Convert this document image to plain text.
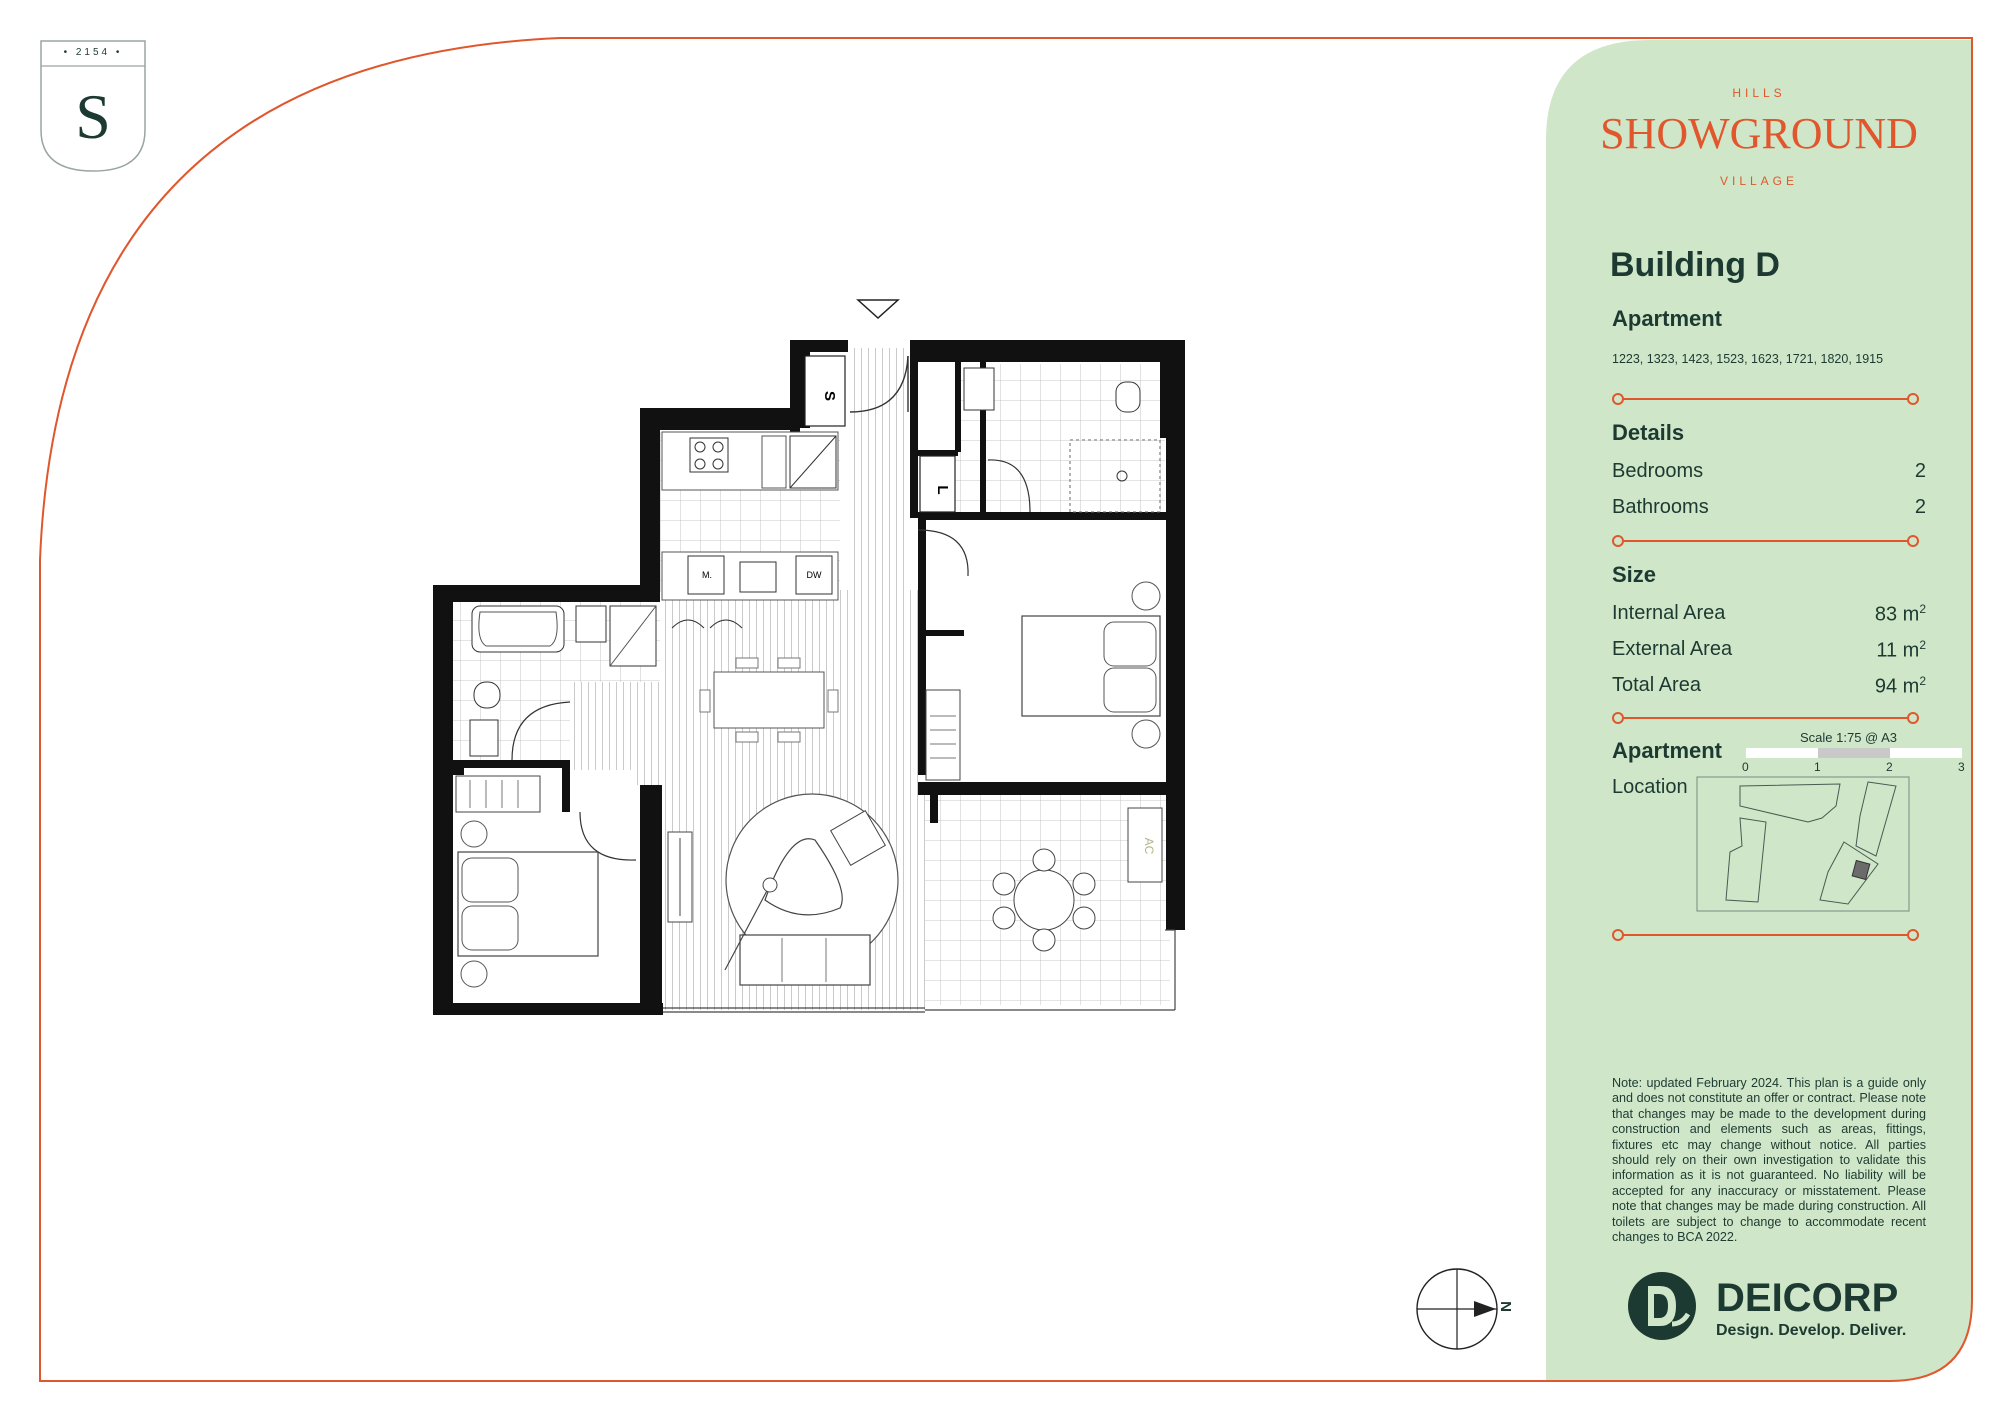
• 2154 •
S
S
L
M.	DW
AC
N
HILLS
SHOWGROUND
VILLAGE
Building D
Apartment
1223, 1323, 1423, 1523, 1623, 1721, 1820, 1915
Details
Bedrooms	2
Bathrooms	2
Size
Internal Area	83 $m^2$
External Area	11 $m^2$
Total Area	94 $m^2$
Apartment
Location
Scale 1:75 @ A3
0	1	2	3
Note: updated February 2024. This plan is a guide only and does not constitute an offer or contract. Please note that changes may be made to the development during construction and elements such as areas, fittings, fixtures etc may change without notice. All parties should rely on their own investigation to validate this information as it is not guaranteed. No liability will be accepted for any inaccuracy or misstatement. Please note that changes may be made during construction. All toilets are subject to change to accommodate recent changes to BCA 2022.
DEICORP
Design. Develop. Deliver.
